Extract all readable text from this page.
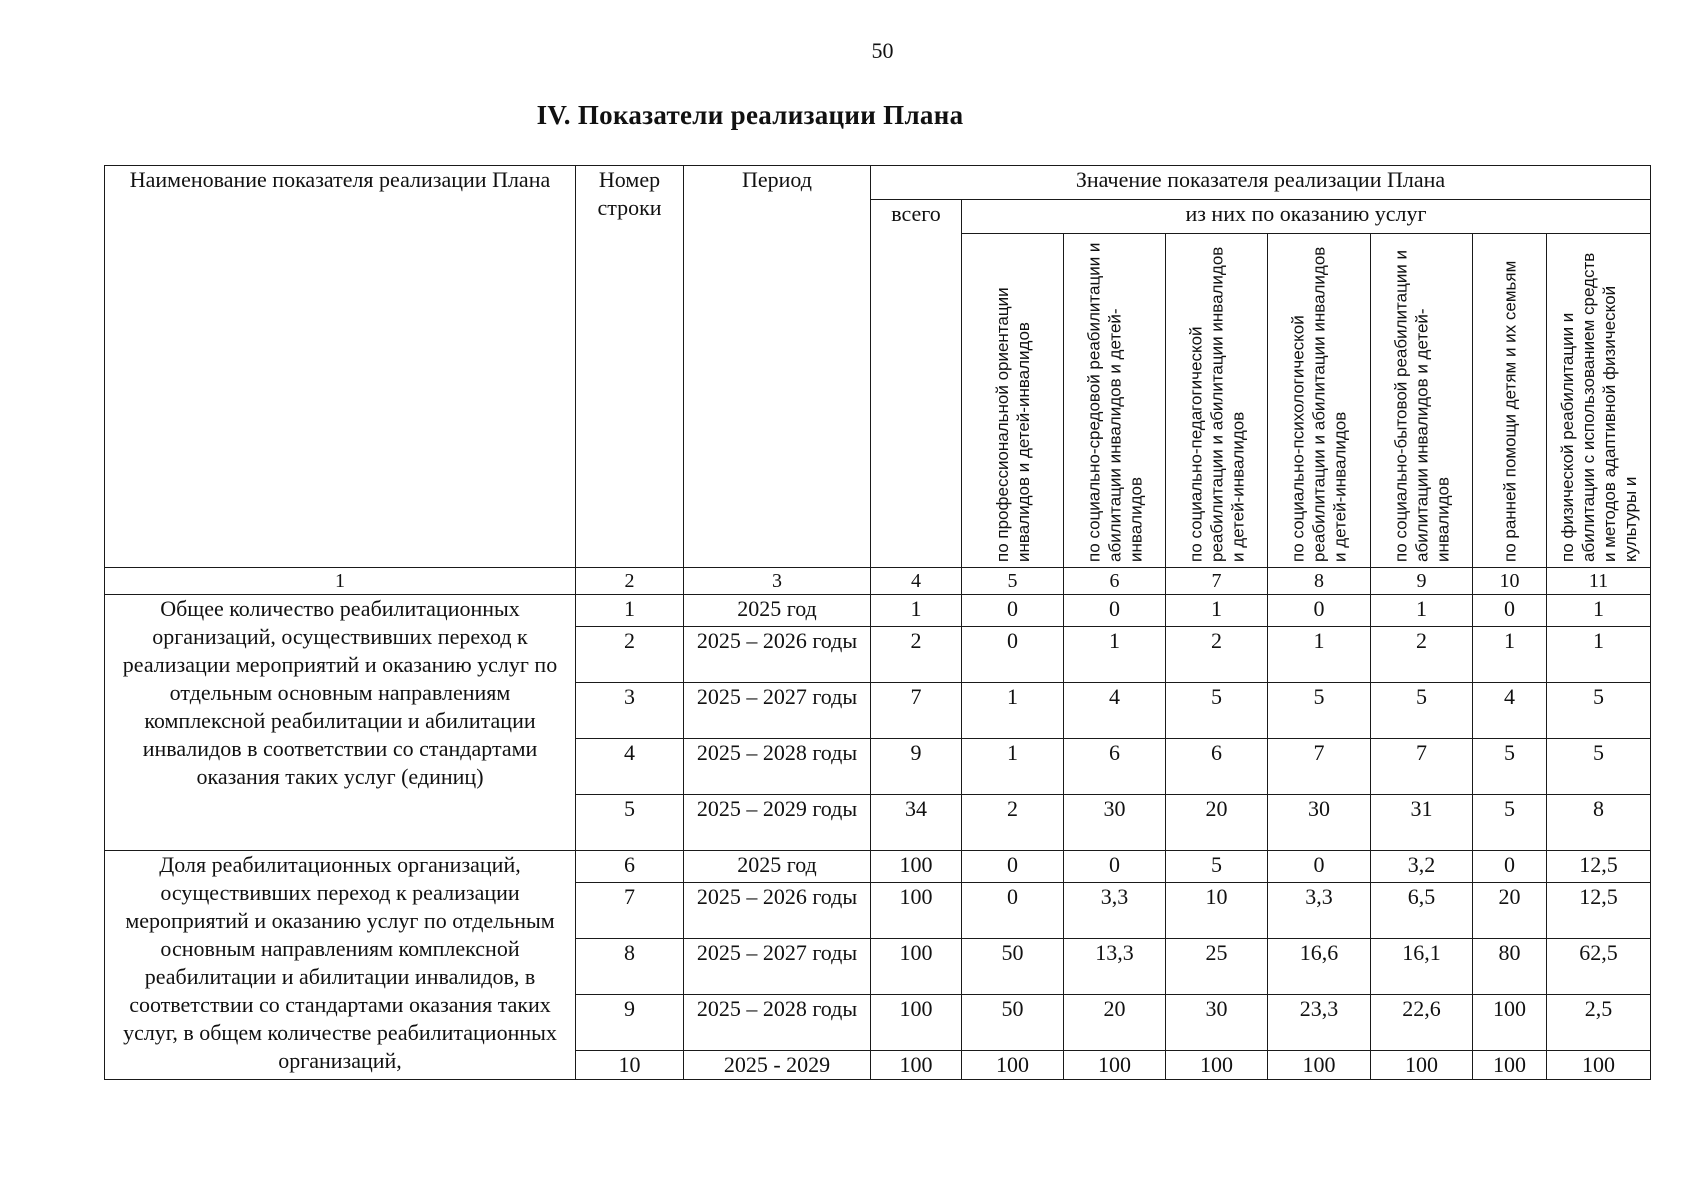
50
IV. Показатели реализации Плана
Наименование показателя реализации Плана	Номер строки	Период	Значение показателя реализации Плана							
			всего	из них по оказанию услуг						

				по профессиональной ориентации инвалидов и детей-инвалидов	по социально-средовой реабилитации и абилитации инвалидов и детей-инвалидов	по социально-педагогической реабилитации и абилитации инвалидов и детей-инвалидов	по социально-психологической реабилитации и абилитации инвалидов и детей-инвалидов	по социально-бытовой реабилитации и абилитации инвалидов и детей-инвалидов	по ранней помощи детям и их семьям	по физической реабилитации и абилитации с использованием средств и методов адаптивной физической культуры и

1	2	3	4	5	6	7	8	9	10	11
Общее количество реабилитационных организаций, осуществивших переход к реализации мероприятий и оказанию услуг по отдельным основным направлениям комплексной реабилитации и абилитации инвалидов в соответствии со стандартами оказания таких услуг (единиц)	1	2025 год	1	0	0	1	0	1	0	1
	2	2025 – 2026 годы	2	0	1	2	1	2	1	1
	3	2025 – 2027 годы	7	1	4	5	5	5	4	5
	4	2025 – 2028 годы	9	1	6	6	7	7	5	5
	5	2025 – 2029 годы	34	2	30	20	30	31	5	8
Доля реабилитационных организаций, осуществивших переход к реализации мероприятий и оказанию услуг по отдельным основным направлениям комплексной реабилитации и абилитации инвалидов, в соответствии со стандартами оказания таких услуг, в общем количестве реабилитационных организаций,	6	2025 год	100	0	0	5	0	3,2	0	12,5
	7	2025 – 2026 годы	100	0	3,3	10	3,3	6,5	20	12,5
	8	2025 – 2027 годы	100	50	13,3	25	16,6	16,1	80	62,5
	9	2025 – 2028 годы	100	50	20	30	23,3	22,6	100	2,5
	10	2025 - 2029	100	100	100	100	100	100	100	100
